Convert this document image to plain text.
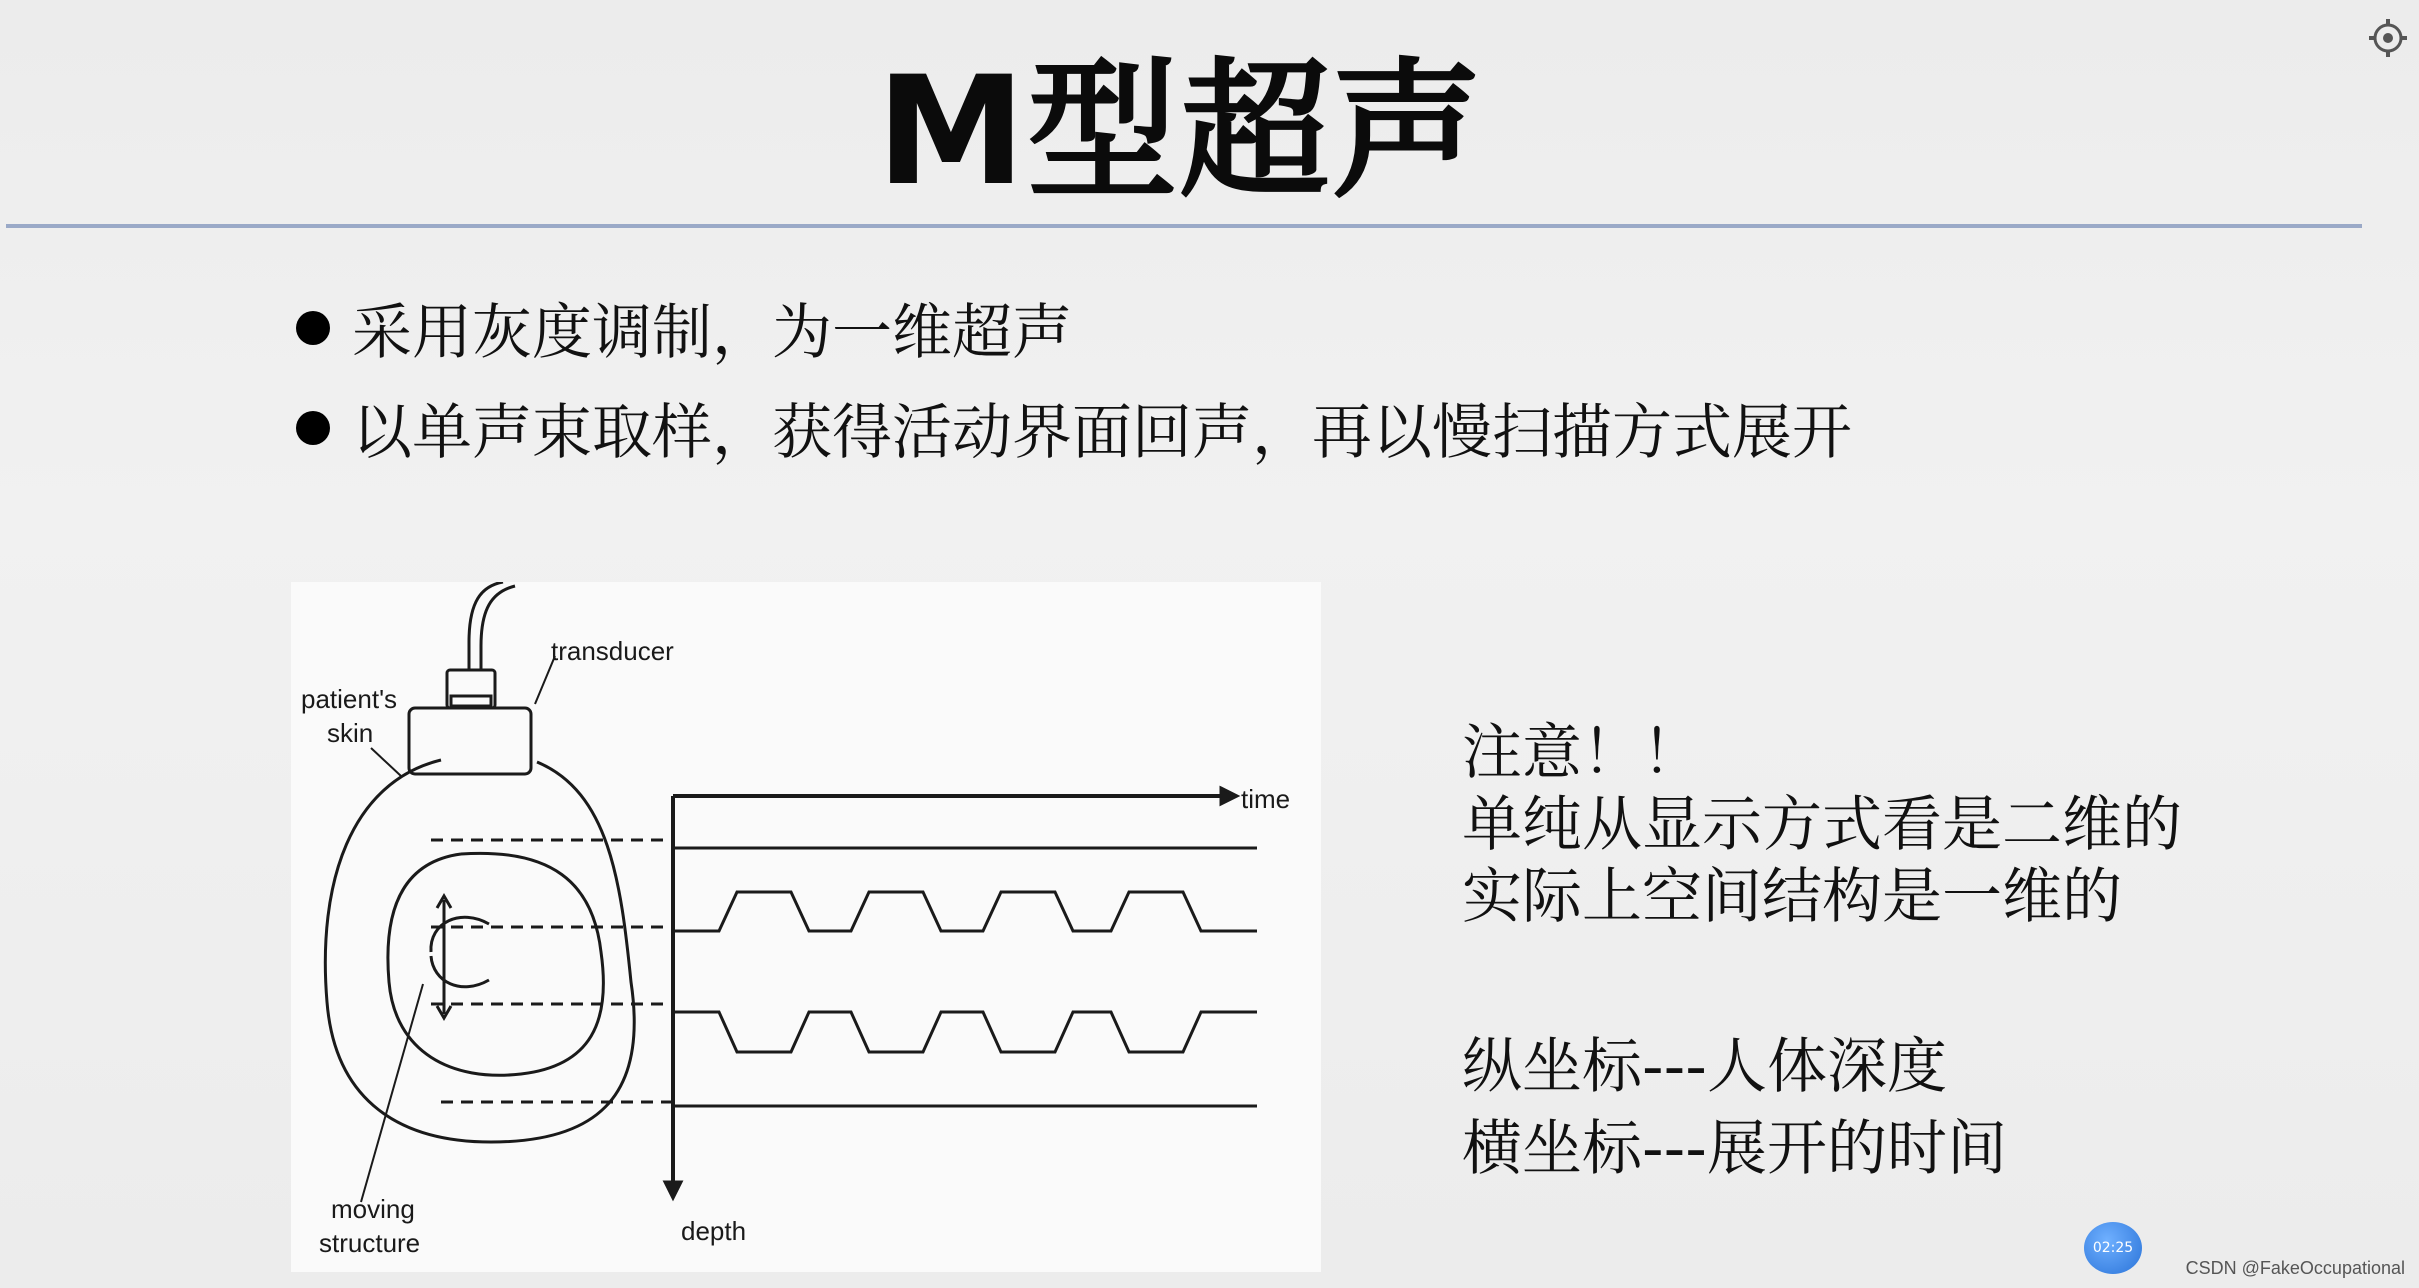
M型超声
采用灰度调制，为一维超声
以单声束取样，获得活动界面回声，再以慢扫描方式展开
transducer
patient's
skin
time
depth
moving
structure
注意！！
单纯从显示方式看是二维的
实际上空间结构是一维的
纵坐标---人体深度
横坐标---展开的时间
02:25
CSDN @FakeOccupational
